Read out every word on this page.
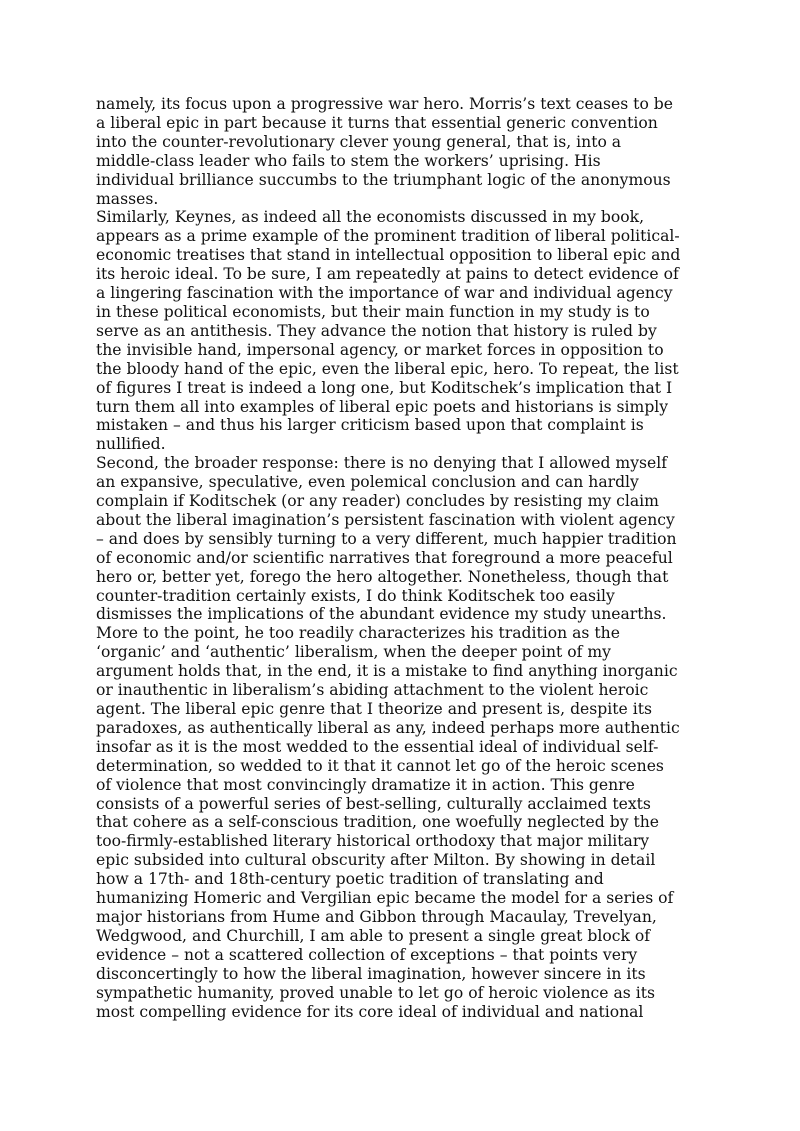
namely, its focus upon a progressive war hero. Morris’s text ceases to be
a liberal epic in part because it turns that essential generic convention
into the counter-revolutionary clever young general, that is, into a
middle-class leader who fails to stem the workers’ uprising. His
individual brilliance succumbs to the triumphant logic of the anonymous
masses.

Similarly, Keynes, as indeed all the economists discussed in my book,
appears as a prime example of the prominent tradition of liberal political-
economic treatises that stand in intellectual opposition to liberal epic and
its heroic ideal. To be sure, I am repeatedly at pains to detect evidence of
a lingering fascination with the importance of war and individual agency
in these political economists, but their main function in my study is to
serve as an antithesis. They advance the notion that history is ruled by
the invisible hand, impersonal agency, or market forces in opposition to
the bloody hand of the epic, even the liberal epic, hero. To repeat, the list
of figures I treat is indeed a long one, but Koditschek’s implication that I
turn them all into examples of liberal epic poets and historians is simply
mistaken – and thus his larger criticism based upon that complaint is
nullified.

Second, the broader response: there is no denying that I allowed myself
an expansive, speculative, even polemical conclusion and can hardly
complain if Koditschek (or any reader) concludes by resisting my claim
about the liberal imagination’s persistent fascination with violent agency
– and does by sensibly turning to a very different, much happier tradition
of economic and/or scientific narratives that foreground a more peaceful
hero or, better yet, forego the hero altogether. Nonetheless, though that
counter-tradition certainly exists, I do think Koditschek too easily
dismisses the implications of the abundant evidence my study unearths.
More to the point, he too readily characterizes his tradition as the
‘organic’ and ‘authentic’ liberalism, when the deeper point of my
argument holds that, in the end, it is a mistake to find anything inorganic
or inauthentic in liberalism’s abiding attachment to the violent heroic
agent. The liberal epic genre that I theorize and present is, despite its
paradoxes, as authentically liberal as any, indeed perhaps more authentic
insofar as it is the most wedded to the essential ideal of individual self-
determination, so wedded to it that it cannot let go of the heroic scenes
of violence that most convincingly dramatize it in action. This genre
consists of a powerful series of best-selling, culturally acclaimed texts
that cohere as a self-conscious tradition, one woefully neglected by the
too-firmly-established literary historical orthodoxy that major military
epic subsided into cultural obscurity after Milton. By showing in detail
how a 17th- and 18th-century poetic tradition of translating and
humanizing Homeric and Vergilian epic became the model for a series of
major historians from Hume and Gibbon through Macaulay, Trevelyan,
Wedgwood, and Churchill, I am able to present a single great block of
evidence – not a scattered collection of exceptions – that points very
disconcertingly to how the liberal imagination, however sincere in its
sympathetic humanity, proved unable to let go of heroic violence as its
most compelling evidence for its core ideal of individual and national
